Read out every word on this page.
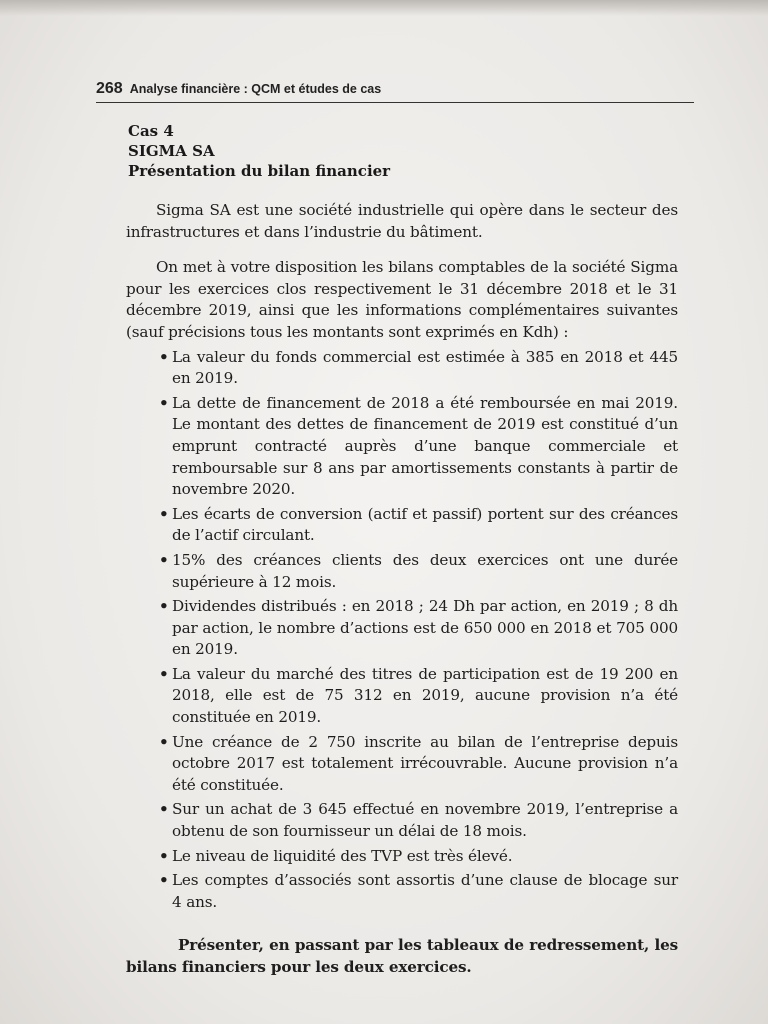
268 Analyse financière : QCM et études de cas
Cas 4
SIGMA SA
Présentation du bilan financier

Sigma SA est une société industrielle qui opère dans le secteur des infrastructures et dans l’industrie du bâtiment.

On met à votre disposition les bilans comptables de la société Sigma pour les exercices clos respectivement le 31 décembre 2018 et le 31 décembre 2019, ainsi que les informations complémentaires suivantes (sauf précisions tous les montants sont exprimés en Kdh) :

• La valeur du fonds commercial est estimée à 385 en 2018 et 445 en 2019.
• La dette de financement de 2018 a été remboursée en mai 2019. Le montant des dettes de financement de 2019 est constitué d’un emprunt contracté auprès d’une banque commerciale et remboursable sur 8 ans par amortissements constants à partir de novembre 2020.
• Les écarts de conversion (actif et passif) portent sur des créances de l’actif circulant.
• 15% des créances clients des deux exercices ont une durée supérieure à 12 mois.
• Dividendes distribués : en 2018 ; 24 Dh par action, en 2019 ; 8 dh par action, le nombre d’actions est de 650 000 en 2018 et 705 000 en 2019.
• La valeur du marché des titres de participation est de 19 200 en 2018, elle est de 75 312 en 2019, aucune provision n’a été constituée en 2019.
• Une créance de 2 750 inscrite au bilan de l’entreprise depuis octobre 2017 est totalement irrécouvrable. Aucune provision n’a été constituée.
• Sur un achat de 3 645 effectué en novembre 2019, l’entreprise a obtenu de son fournisseur un délai de 18 mois.
• Le niveau de liquidité des TVP est très élevé.
• Les comptes d’associés sont assortis d’une clause de blocage sur 4 ans.

Présenter, en passant par les tableaux de redressement, les bilans financiers pour les deux exercices.
